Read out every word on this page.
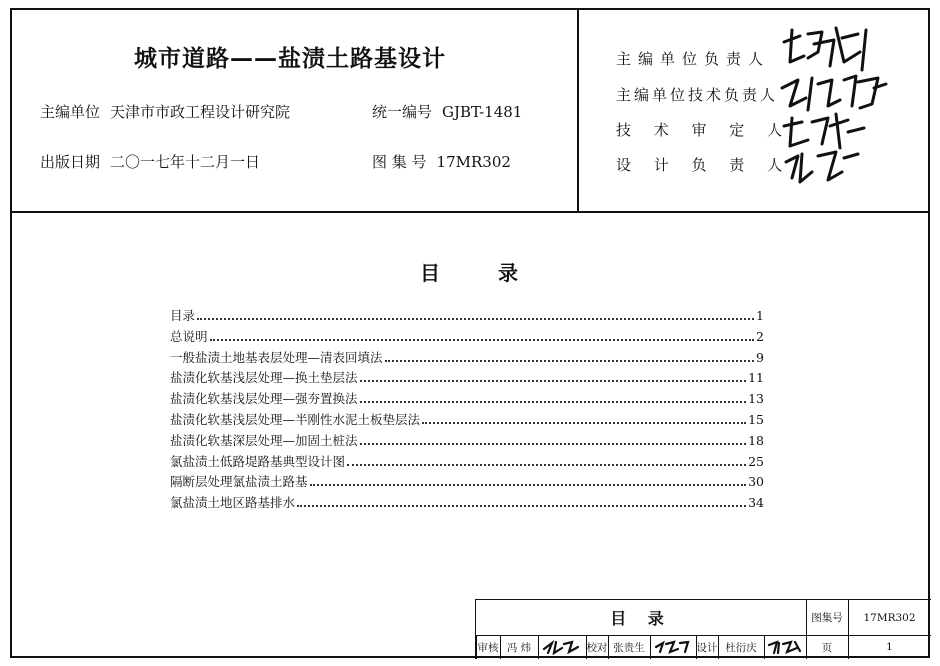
城市道路——盐渍土路基设计
主编单位 天津市市政工程设计研究院	统一编号 GJBT-1481
出版日期 二〇一七年十二月一日	图 集 号 17MR302
主编单位负责人
主编单位技术负责人
技 术 审 定 人
设 计 负 责 人
目	录
目录	1
总说明	2
一般盐渍土地基表层处理—清表回填法	9
盐渍化软基浅层处理—换土垫层法	11
盐渍化软基浅层处理—强夯置换法	13
盐渍化软基浅层处理—半刚性水泥土板垫层法	15
盐渍化软基深层处理—加固土桩法	18
氯盐渍土低路堤路基典型设计图	25
隔断层处理氯盐渍土路基	30
氯盐渍土地区路基排水	34
目 录	图集号	17MR302
审核 冯 炜	校对 张贵生	设计 杜衍庆	页	1
